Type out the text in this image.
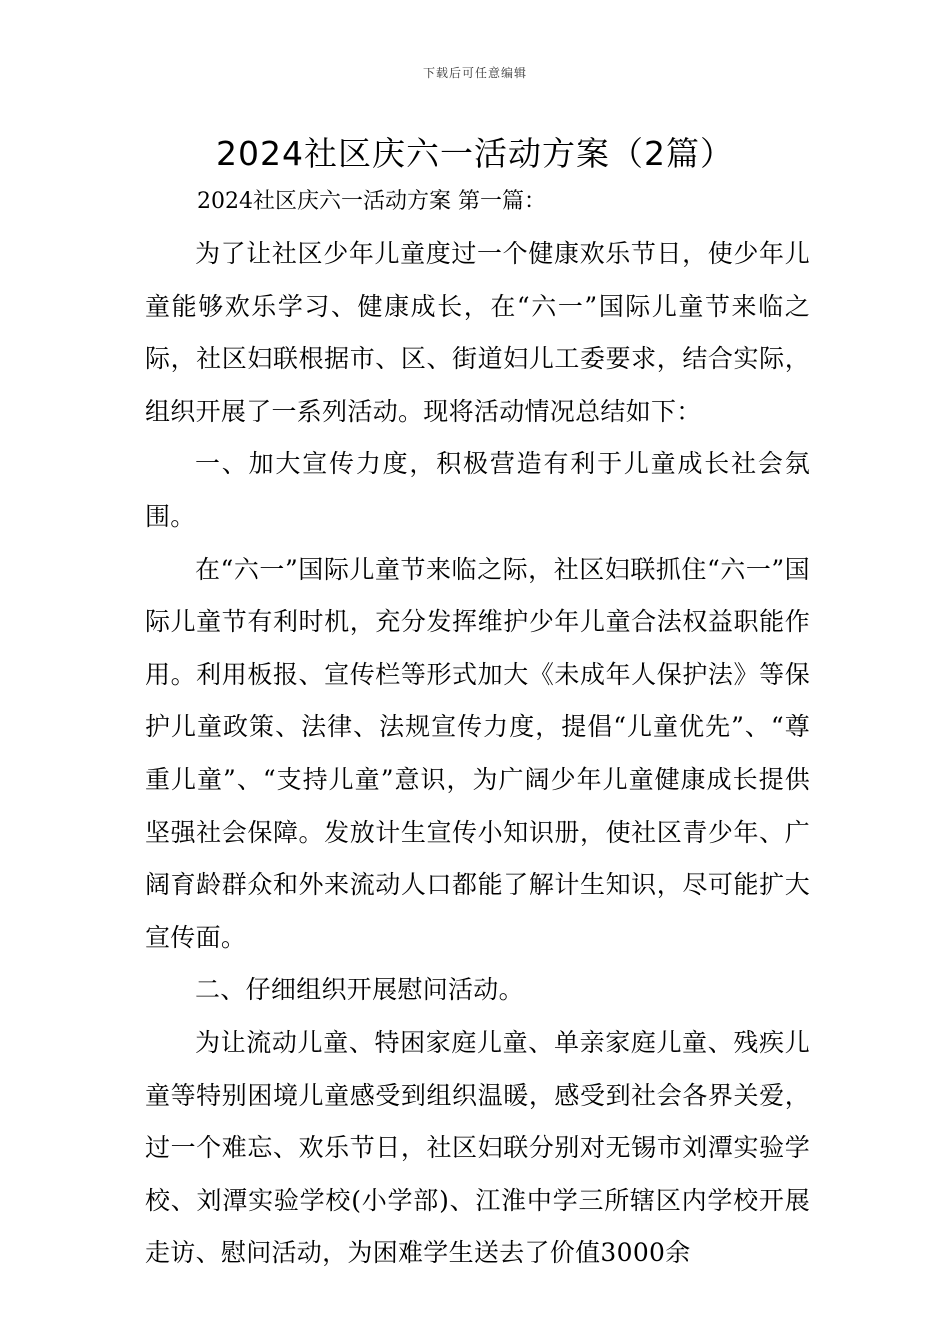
下载后可任意编辑
2024社区庆六一活动方案（2篇）
2024社区庆六一活动方案 第一篇：

为了让社区少年儿童度过一个健康欢乐节日，使少年儿童能够欢乐学习、健康成长，在“六一”国际儿童节来临之际，社区妇联根据市、区、街道妇儿工委要求，结合实际，组织开展了一系列活动。现将活动情况总结如下：

一、加大宣传力度，积极营造有利于儿童成长社会氛围。

在“六一”国际儿童节来临之际，社区妇联抓住“六一”国际儿童节有利时机，充分发挥维护少年儿童合法权益职能作用。利用板报、宣传栏等形式加大《未成年人保护法》等保护儿童政策、法律、法规宣传力度，提倡“儿童优先”、“尊重儿童”、“支持儿童”意识，为广阔少年儿童健康成长提供坚强社会保障。发放计生宣传小知识册，使社区青少年、广阔育龄群众和外来流动人口都能了解计生知识，尽可能扩大宣传面。

二、仔细组织开展慰问活动。

为让流动儿童、特困家庭儿童、单亲家庭儿童、残疾儿童等特别困境儿童感受到组织温暖，感受到社会各界关爱，过一个难忘、欢乐节日，社区妇联分别对无锡市刘潭实验学校、刘潭实验学校(小学部)、江淮中学三所辖区内学校开展走访、慰问活动，为困难学生送去了价值3000余
